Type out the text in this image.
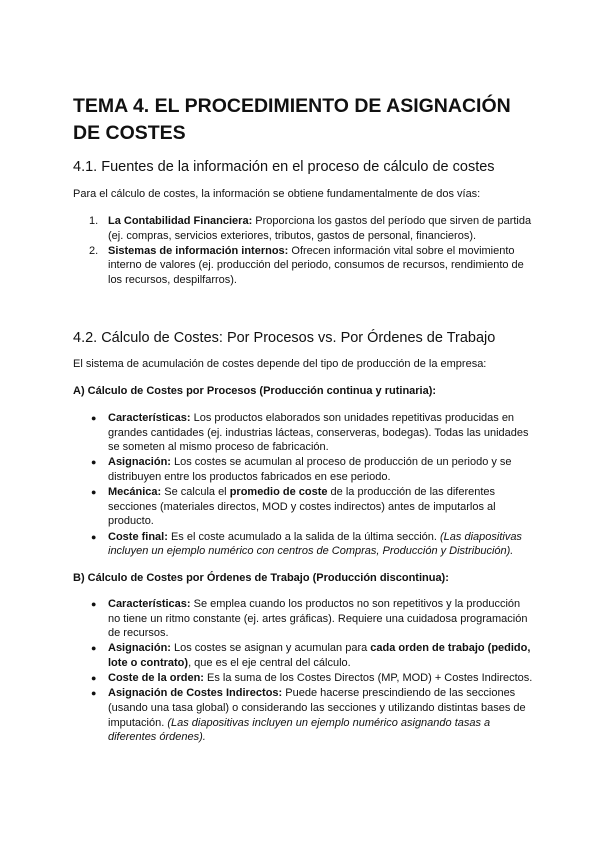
TEMA 4. EL PROCEDIMIENTO DE ASIGNACIÓN DE COSTES
4.1. Fuentes de la información en el proceso de cálculo de costes

Para el cálculo de costes, la información se obtiene fundamentalmente de dos vías:

1. La Contabilidad Financiera: Proporciona los gastos del período que sirven de partida (ej. compras, servicios exteriores, tributos, gastos de personal, financieros).
2. Sistemas de información internos: Ofrecen información vital sobre el movimiento interno de valores (ej. producción del periodo, consumos de recursos, rendimiento de los recursos, despilfarros).
4.2. Cálculo de Costes: Por Procesos vs. Por Órdenes de Trabajo

El sistema de acumulación de costes depende del tipo de producción de la empresa:

A) Cálculo de Costes por Procesos (Producción continua y rutinaria):

● Características: Los productos elaborados son unidades repetitivas producidas en grandes cantidades (ej. industrias lácteas, conserveras, bodegas). Todas las unidades se someten al mismo proceso de fabricación.
● Asignación: Los costes se acumulan al proceso de producción de un periodo y se distribuyen entre los productos fabricados en ese periodo.
● Mecánica: Se calcula el promedio de coste de la producción de las diferentes secciones (materiales directos, MOD y costes indirectos) antes de imputarlos al producto.
● Coste final: Es el coste acumulado a la salida de la última sección. (Las diapositivas incluyen un ejemplo numérico con centros de Compras, Producción y Distribución).

B) Cálculo de Costes por Órdenes de Trabajo (Producción discontinua):

● Características: Se emplea cuando los productos no son repetitivos y la producción no tiene un ritmo constante (ej. artes gráficas). Requiere una cuidadosa programación de recursos.
● Asignación: Los costes se asignan y acumulan para cada orden de trabajo (pedido, lote o contrato), que es el eje central del cálculo.
● Coste de la orden: Es la suma de los Costes Directos (MP, MOD) + Costes Indirectos.
● Asignación de Costes Indirectos: Puede hacerse prescindiendo de las secciones (usando una tasa global) o considerando las secciones y utilizando distintas bases de imputación. (Las diapositivas incluyen un ejemplo numérico asignando tasas a diferentes órdenes).
